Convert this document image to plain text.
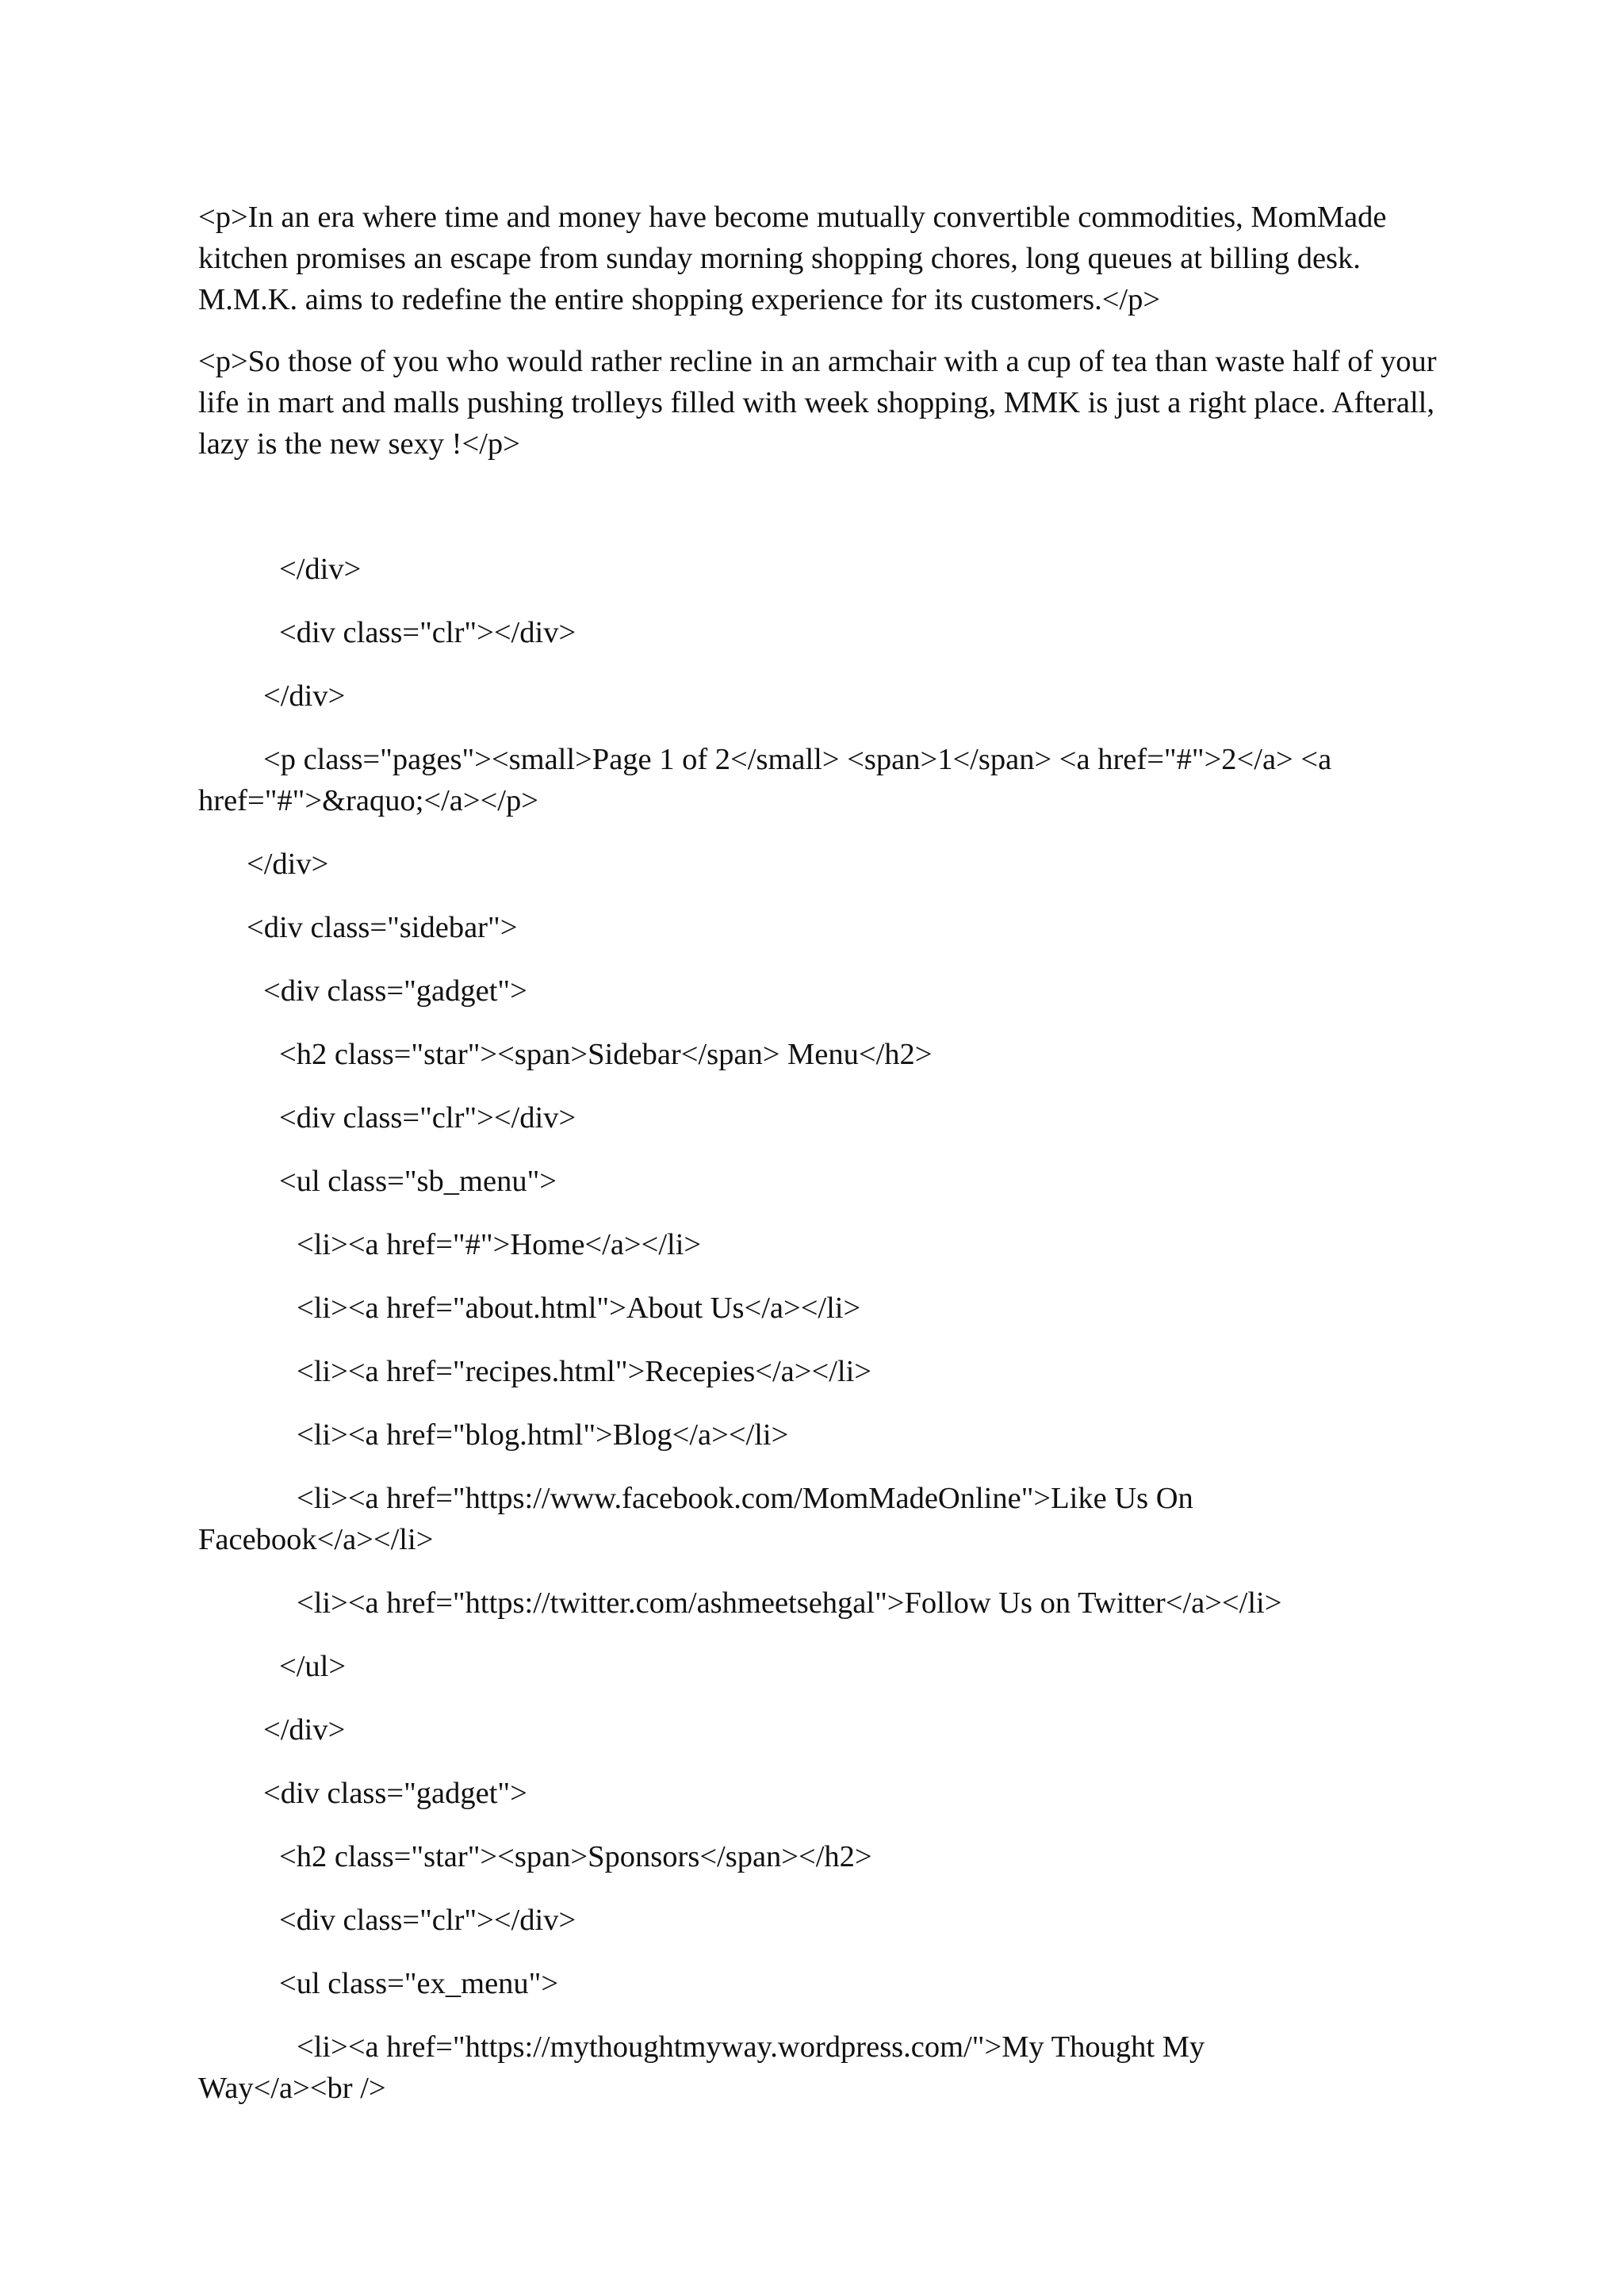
<p>In an era where time and money have become mutually convertible commodities, MomMade kitchen promises an escape from sunday morning shopping chores, long queues at billing desk. M.M.K. aims to redefine the entire shopping experience for its customers.</p>

<p>So those of you who would rather recline in an armchair with a cup of tea than waste half of your life in mart and malls pushing trolleys filled with week shopping, MMK is just a right place. Afterall, lazy is the new sexy !</p>

</div>
<div class="clr"></div>
</div>
<p class="pages"><small>Page 1 of 2</small> <span>1</span> <a href="#">2</a> <a
href="#">&raquo;</a></p>
</div>
<div class="sidebar">
<div class="gadget">
<h2 class="star"><span>Sidebar</span> Menu</h2>
<div class="clr"></div>
<ul class="sb_menu">
<li><a href="#">Home</a></li>
<li><a href="about.html">About Us</a></li>
<li><a href="recipes.html">Recepies</a></li>
<li><a href="blog.html">Blog</a></li>
<li><a href="https://www.facebook.com/MomMadeOnline">Like Us On
Facebook</a></li>
<li><a href="https://twitter.com/ashmeetsehgal">Follow Us on Twitter</a></li>
</ul>
</div>
<div class="gadget">
<h2 class="star"><span>Sponsors</span></h2>
<div class="clr"></div>
<ul class="ex_menu">
<li><a href="https://mythoughtmyway.wordpress.com/">My Thought My
Way</a><br />
